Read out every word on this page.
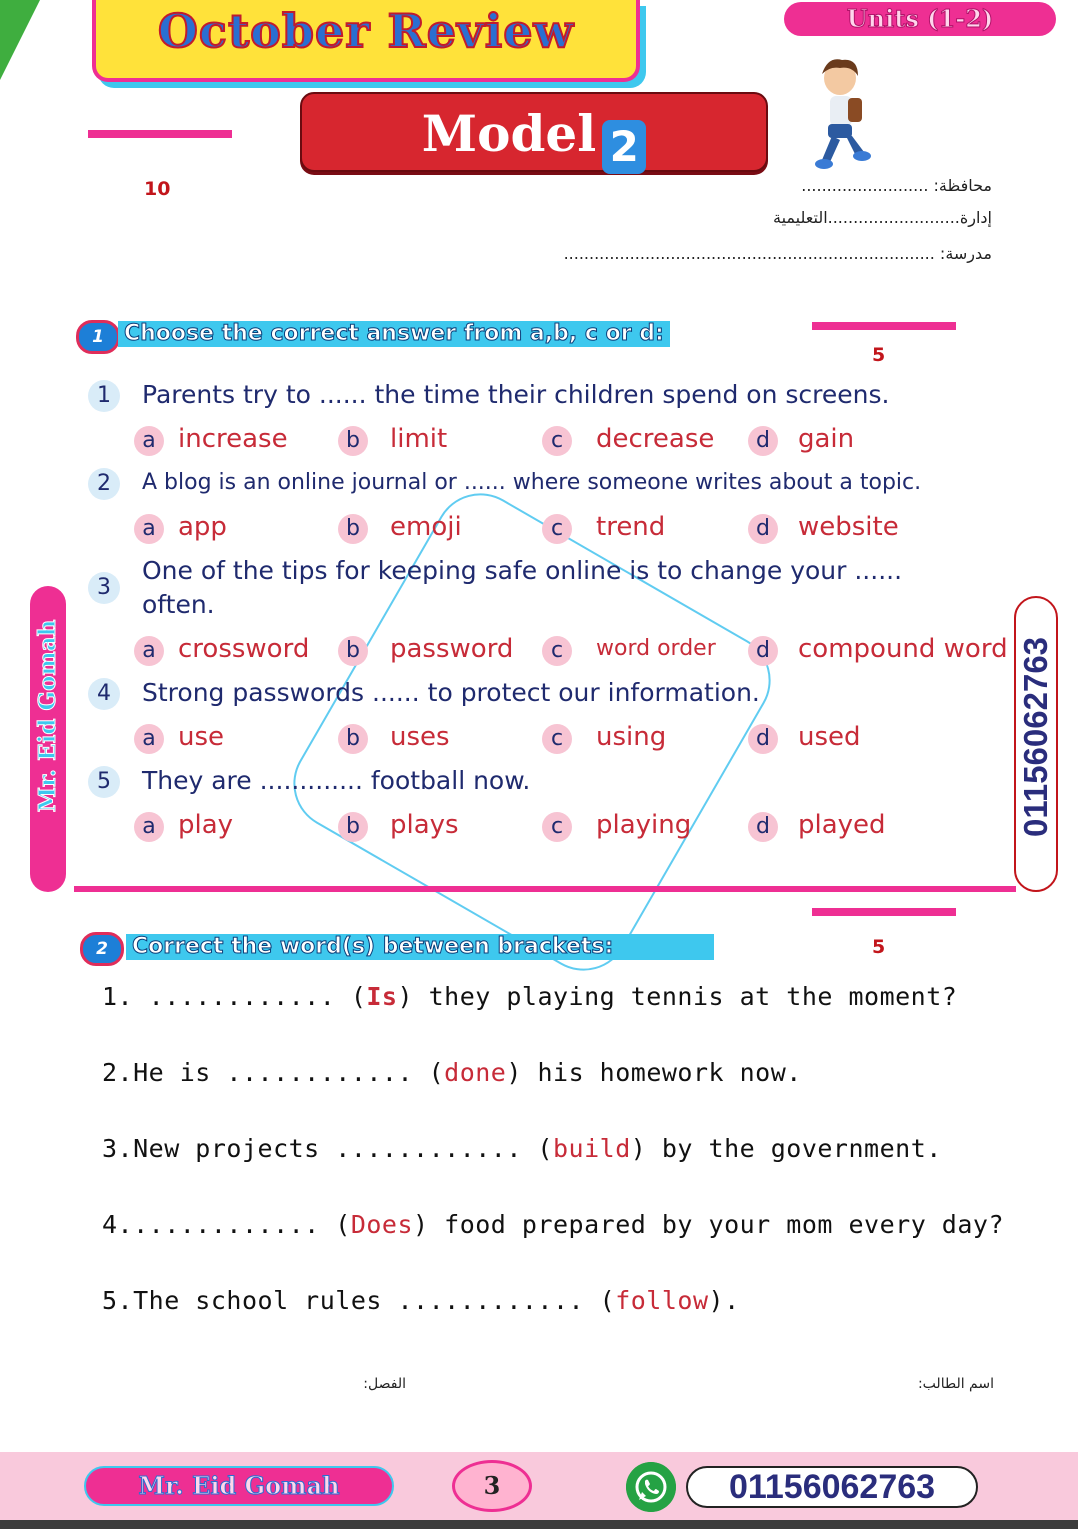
October Review	Units (1-2)
Model 2
10	محافظة: .........................
إدارة..........................التعليمية
مدرسة: .........................................................................
Mr. Eid Gomah	01156062763
1 Choose the correct answer from a,b, c or d:
5
1	Parents try to ...... the time their children spend on screens.
a increase	b	limit	c	decrease	d	gain
2	A blog is an online journal or ...... where someone writes about a topic.
a app	b	emoji	c	trend	d	website
3
One of the tips for keeping safe online is to change your ......
often.
a crossword	b	password	c	word order	d	compound word
4	Strong passwords ...... to protect our information.
a use	b	uses	c	using	d	used
5	They are ............. football now.
a play	b	plays	c	playing	d	played
5
2	Correct the word(s) between brackets:
1. ............ (Is) they playing tennis at the moment?
2.He is ............ (done) his homework now.
3.New projects ............ (build) by the government.
4............. (Does) food prepared by your mom every day?
5.The school rules ............ (follow).
اسم الطالب:
الفصل:
Mr. Eid Gomah	3	01156062763
